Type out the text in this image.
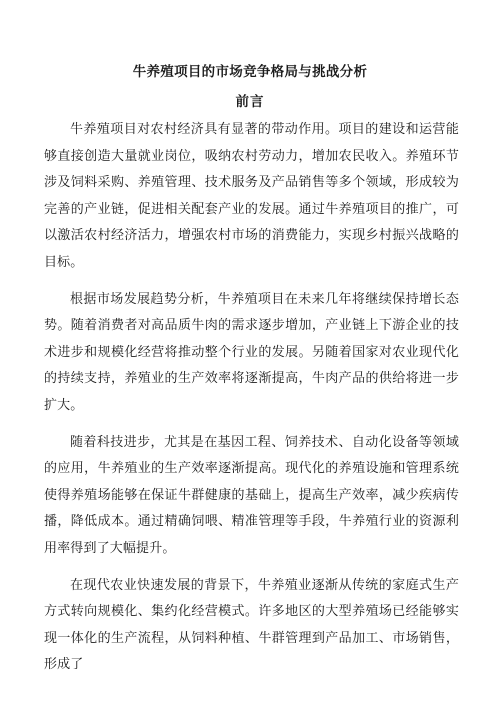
牛养殖项目的市场竞争格局与挑战分析
前言

牛养殖项目对农村经济具有显著的带动作用。项目的建设和运营能够直接创造大量就业岗位，吸纳农村劳动力，增加农民收入。养殖环节涉及饲料采购、养殖管理、技术服务及产品销售等多个领域，形成较为完善的产业链，促进相关配套产业的发展。通过牛养殖项目的推广，可以激活农村经济活力，增强农村市场的消费能力，实现乡村振兴战略的目标。

根据市场发展趋势分析，牛养殖项目在未来几年将继续保持增长态势。随着消费者对高品质牛肉的需求逐步增加，产业链上下游企业的技术进步和规模化经营将推动整个行业的发展。另随着国家对农业现代化的持续支持，养殖业的生产效率将逐渐提高，牛肉产品的供给将进一步扩大。

随着科技进步，尤其是在基因工程、饲养技术、自动化设备等领域的应用，牛养殖业的生产效率逐渐提高。现代化的养殖设施和管理系统使得养殖场能够在保证牛群健康的基础上，提高生产效率，减少疾病传播，降低成本。通过精确饲喂、精准管理等手段，牛养殖行业的资源利用率得到了大幅提升。

在现代农业快速发展的背景下，牛养殖业逐渐从传统的家庭式生产方式转向规模化、集约化经营模式。许多地区的大型养殖场已经能够实现一体化的生产流程，从饲料种植、牛群管理到产品加工、市场销售，形成了
